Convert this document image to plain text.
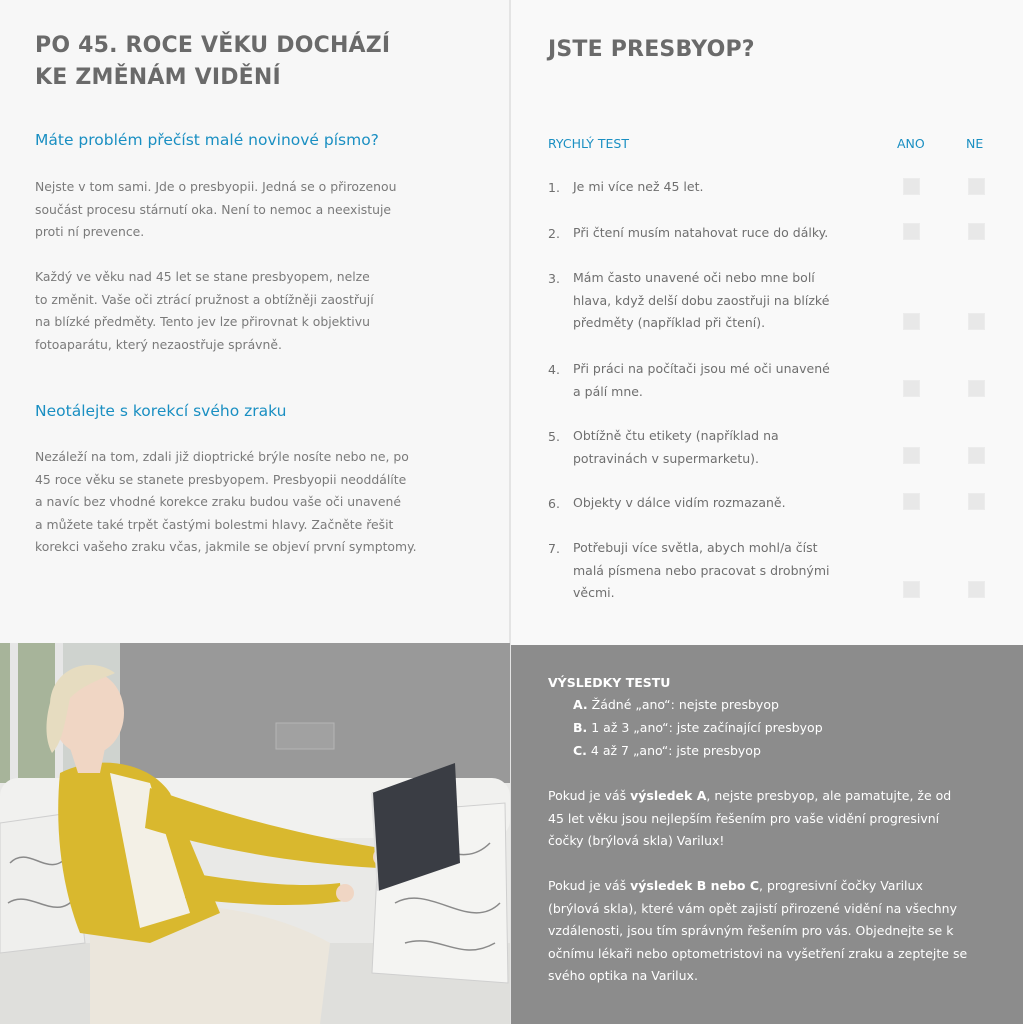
PO 45. ROCE VĚKU DOCHÁZÍ
KE ZMĚNÁM VIDĚNÍ
Máte problém přečíst malé novinové písmo?
Nejste v tom sami. Jde o presbyopii. Jedná se o přirozenou
součást procesu stárnutí oka. Není to nemoc a neexistuje
proti ní prevence.
Každý ve věku nad 45 let se stane presbyopem, nelze
to změnit. Vaše oči ztrácí pružnost a obtížněji zaostřují
na blízké předměty. Tento jev lze přirovnat k objektivu
fotoaparátu, který nezaostřuje správně.
Neotálejte s korekcí svého zraku
Nezáleží na tom, zdali již dioptrické brýle nosíte nebo ne, po
45 roce věku se stanete presbyopem. Presbyopii neoddálíte
a navíc bez vhodné korekce zraku budou vaše oči unavené
a můžete také trpět častými bolestmi hlavy. Začněte řešit
korekci vašeho zraku včas, jakmile se objeví první symptomy.
JSTE PRESBYOP?
RYCHLÝ TEST	ANO	NE
1. Je mi více než 45 let.
2. Při čtení musím natahovat ruce do dálky.
3. Mám často unavené oči nebo mne bolí
hlava, když delší dobu zaostřuji na blízké
předměty (například při čtení).
4. Při práci na počítači jsou mé oči unavené
a pálí mne.
5. Obtížně čtu etikety (například na
potravinách v supermarketu).
6. Objekty v dálce vidím rozmazaně.
7. Potřebuji více světla, abych mohl/a číst
malá písmena nebo pracovat s drobnými
věcmi.
VÝSLEDKY TESTU
A. Žádné „ano“: nejste presbyop
B. 1 až 3 „ano“: jste začínající presbyop
C. 4 až 7 „ano“: jste presbyop

Pokud je váš výsledek A, nejste presbyop, ale pamatujte, že od 45 let věku jsou nejlepším řešením pro vaše vidění progresivní čočky (brýlová skla) Varilux!

Pokud je váš výsledek B nebo C, progresivní čočky Varilux (brýlová skla), které vám opět zajistí přirozené vidění na všechny vzdálenosti, jsou tím správným řešením pro vás. Objednejte se k očnímu lékaři nebo optometristovi na vyšetření zraku a zeptejte se svého optika na Varilux.
